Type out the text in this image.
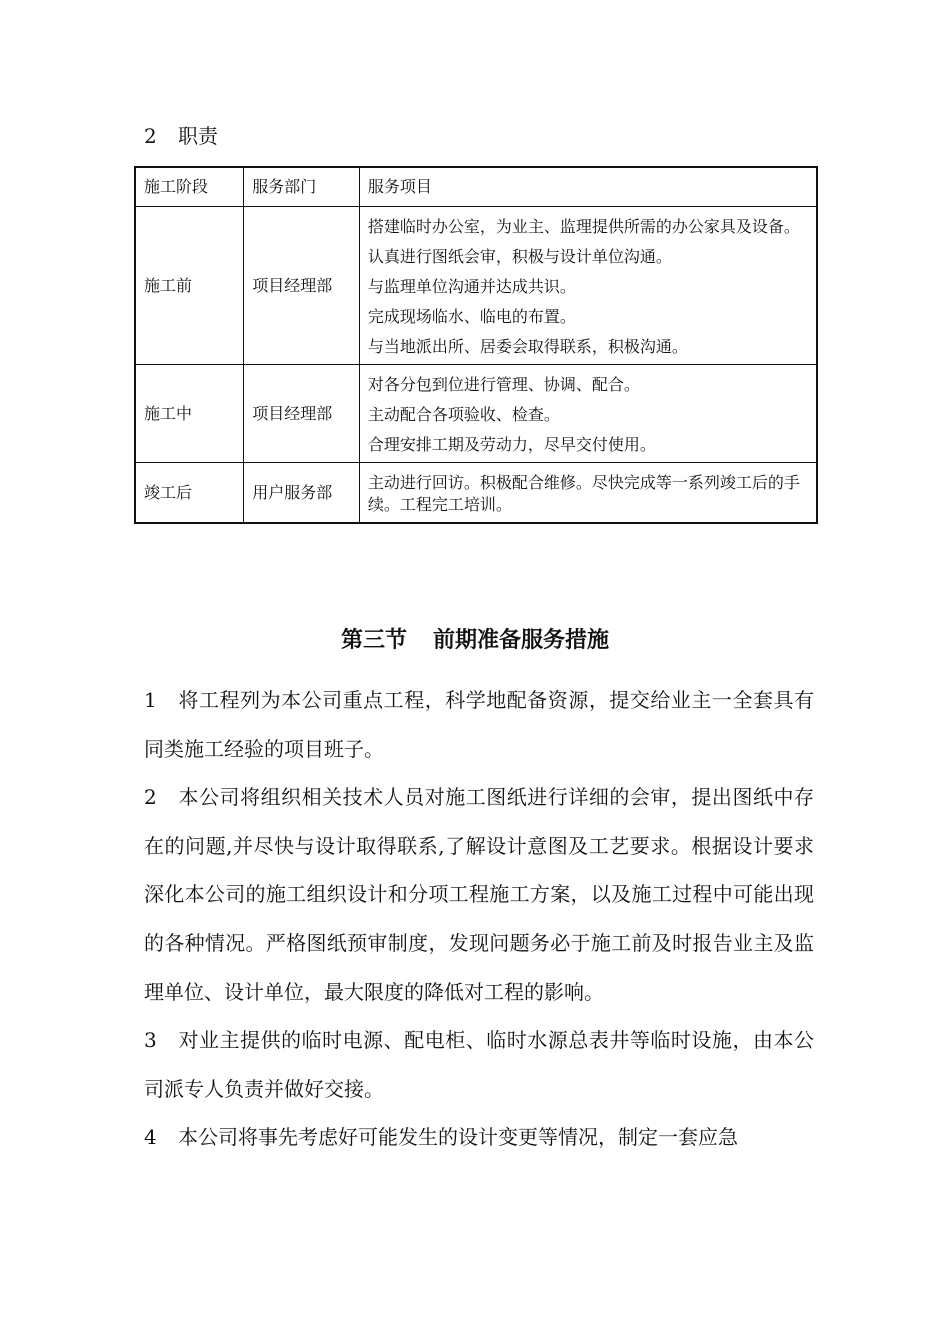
2 职责
施工阶段	服务部门	服务项目
施工前	项目经理部	搭建临时办公室，为业主、监理提供所需的办公家具及设备。
认真进行图纸会审，积极与设计单位沟通。
与监理单位沟通并达成共识。
完成现场临水、临电的布置。
与当地派出所、居委会取得联系，积极沟通。

施工中	项目经理部	对各分包到位进行管理、协调、配合。
主动配合各项验收、检查。
合理安排工期及劳动力，尽早交付使用。

竣工后	用户服务部	主动进行回访。积极配合维修。尽快完成等一系列竣工后的手续。工程完工培训。
第三节 前期准备服务措施

1 将工程列为本公司重点工程，科学地配备资源，提交给业主一全套具有同类施工经验的项目班子。

2 本公司将组织相关技术人员对施工图纸进行详细的会审，提出图纸中存在的问题,并尽快与设计取得联系,了解设计意图及工艺要求。根据设计要求深化本公司的施工组织设计和分项工程施工方案，以及施工过程中可能出现的各种情况。严格图纸预审制度，发现问题务必于施工前及时报告业主及监理单位、设计单位，最大限度的降低对工程的影响。

3 对业主提供的临时电源、配电柜、临时水源总表井等临时设施，由本公司派专人负责并做好交接。

4 本公司将事先考虑好可能发生的设计变更等情况，制定一套应急
